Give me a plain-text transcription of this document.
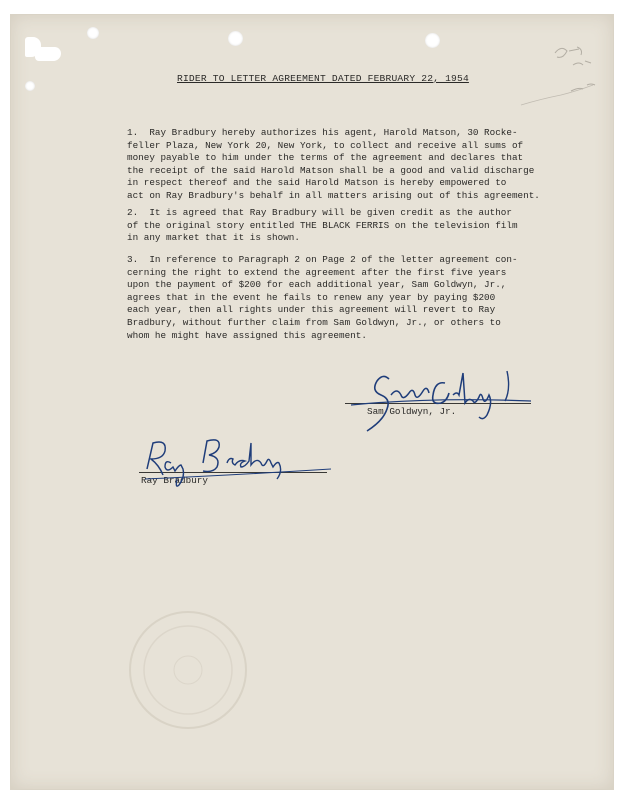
RIDER TO LETTER AGREEMENT DATED FEBRUARY 22, 1954

1.  Ray Bradbury hereby authorizes his agent, Harold Matson, 30 Rocke-
feller Plaza, New York 20, New York, to collect and receive all sums of
money payable to him under the terms of the agreement and declares that
the receipt of the said Harold Matson shall be a good and valid discharge
in respect thereof and the said Harold Matson is hereby empowered to
act on Ray Bradbury's behalf in all matters arising out of this agreement.

2.  It is agreed that Ray Bradbury will be given credit as the author
of the original story entitled THE BLACK FERRIS on the television film
in any market that it is shown.

3.  In reference to Paragraph 2 on Page 2 of the letter agreement con-
cerning the right to extend the agreement after the first five years
upon the payment of $200 for each additional year, Sam Goldwyn, Jr.,
agrees that in the event he fails to renew any year by paying $200
each year, then all rights under this agreement will revert to Ray
Bradbury, without further claim from Sam Goldwyn, Jr., or others to
whom he might have assigned this agreement.

Sam Goldwyn, Jr.
Ray Bradbury
